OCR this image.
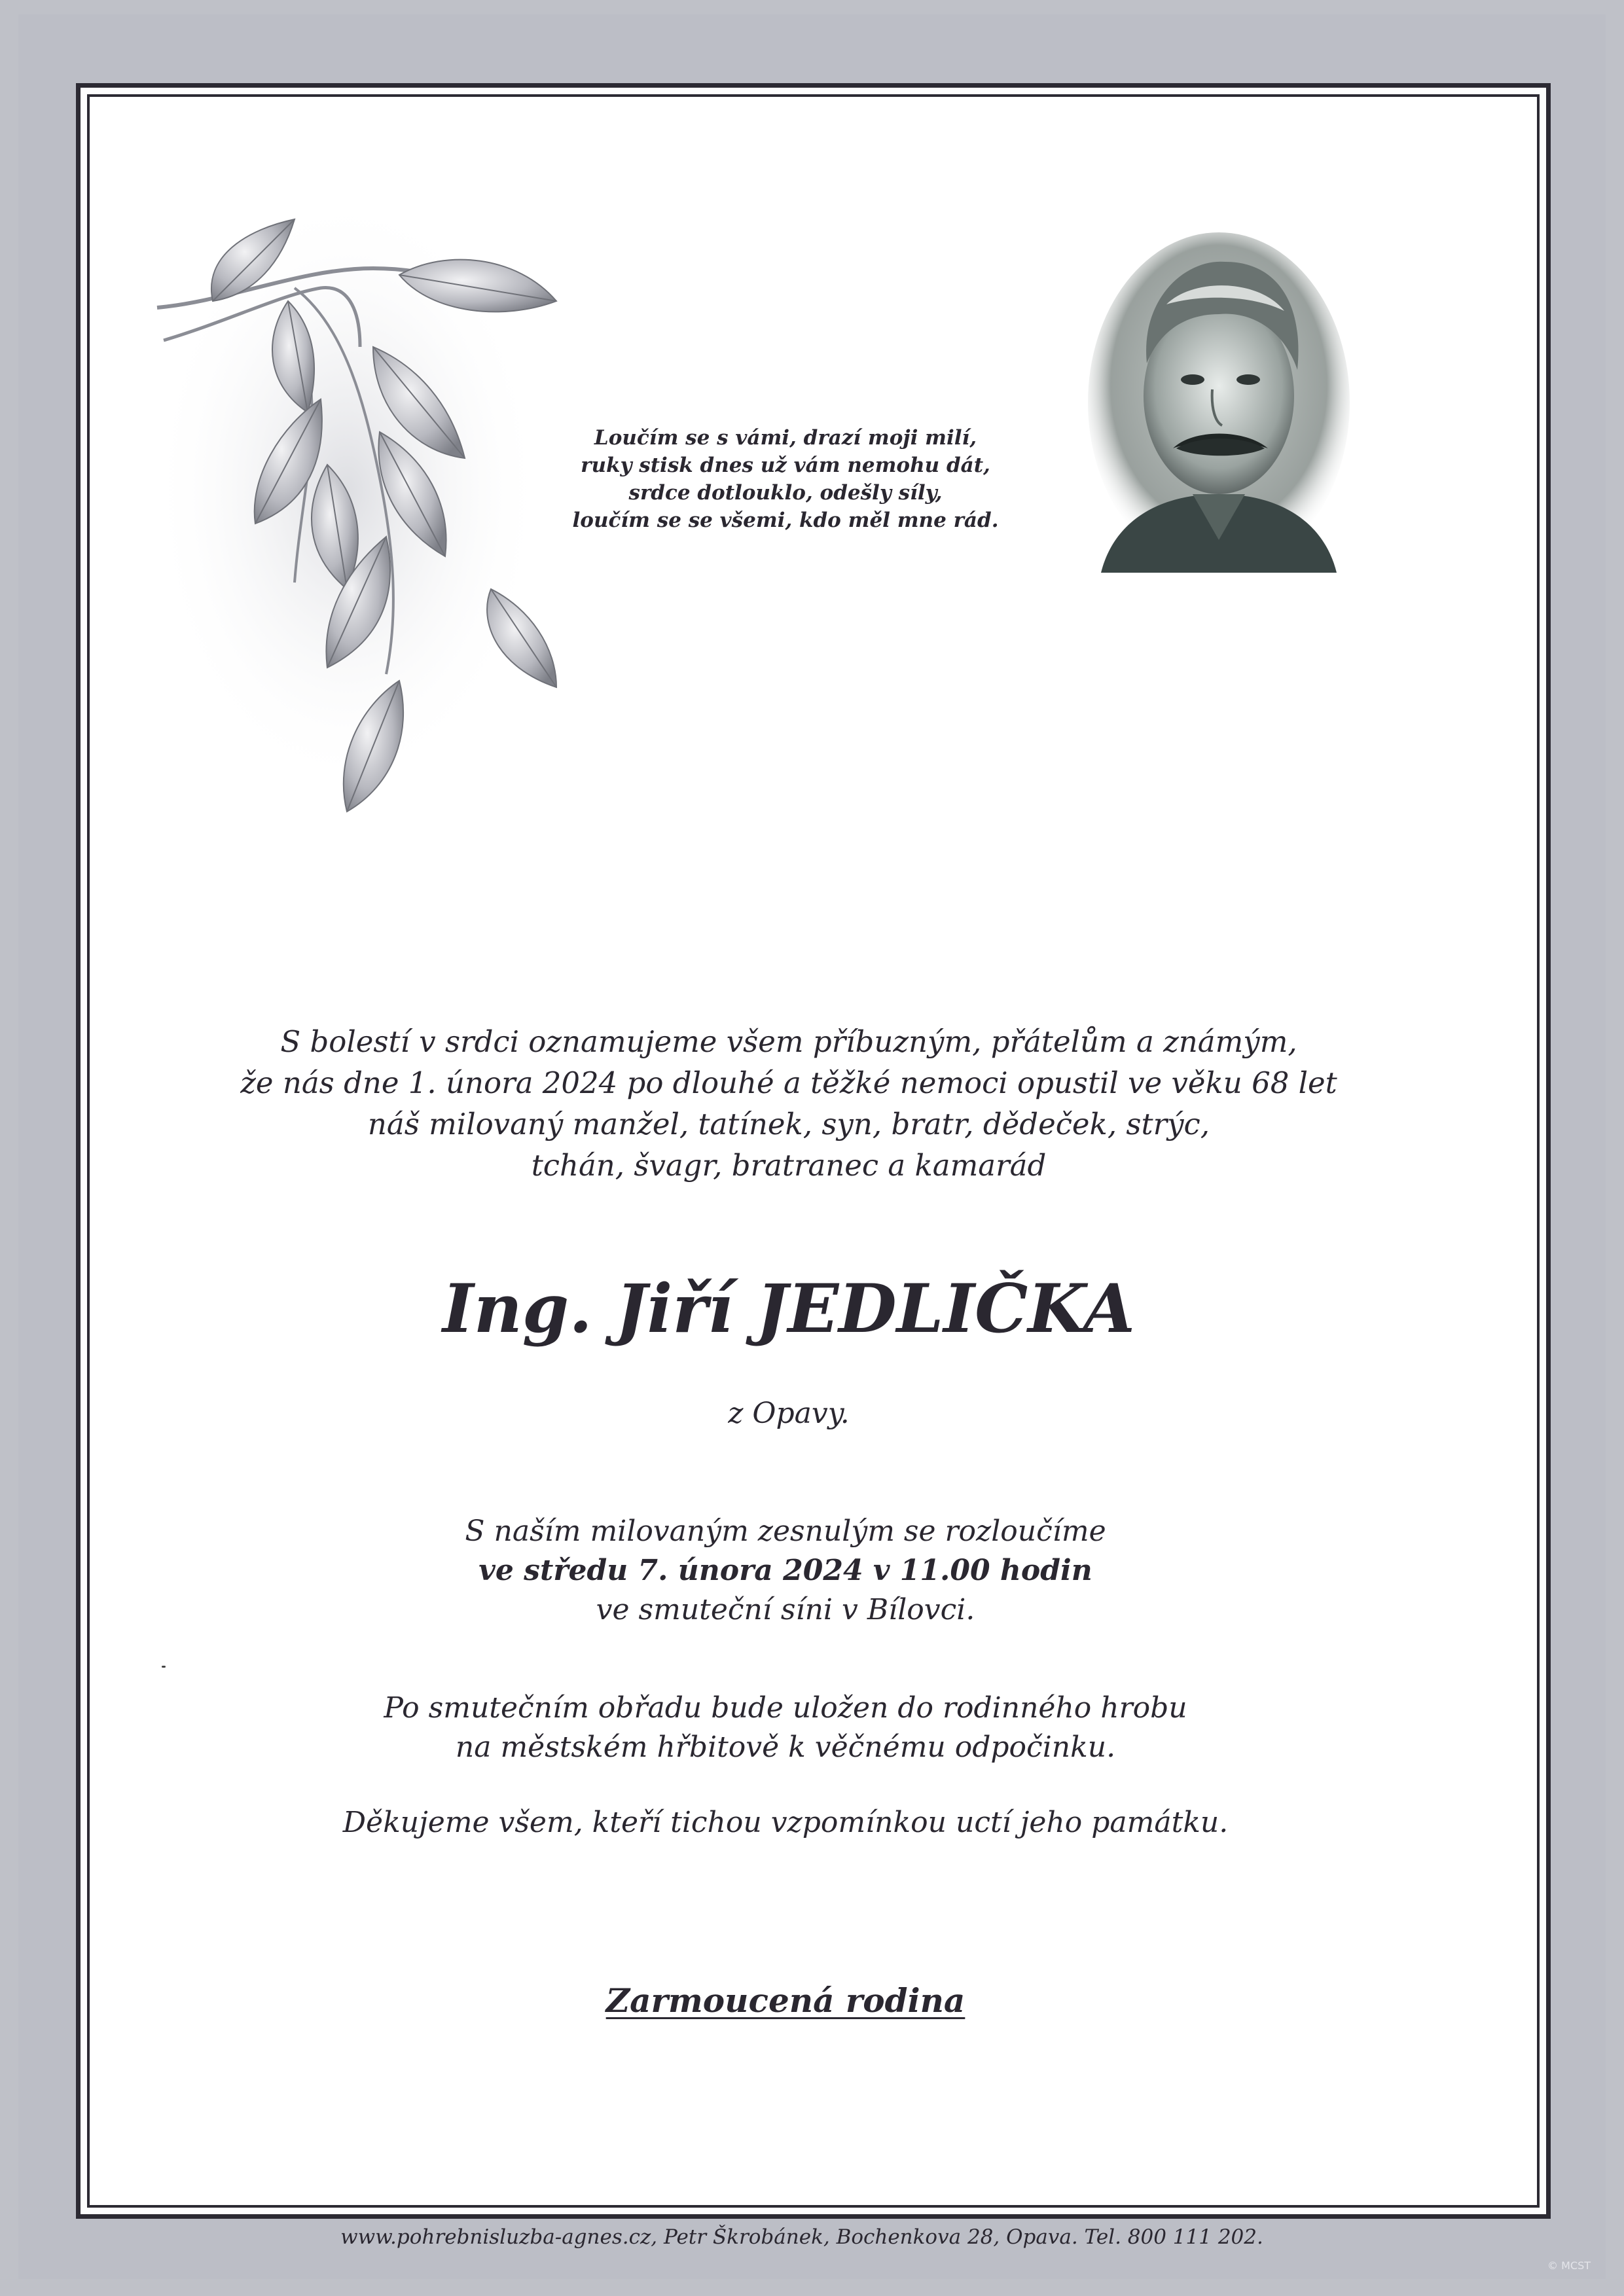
Loučím se s vámi, drazí moji milí,
ruky stisk dnes už vám nemohu dát,
srdce dotlouklo, odešly síly,
loučím se se všemi, kdo měl mne rád.
S bolestí v srdci oznamujeme všem příbuzným, přátelům a známým,
že nás dne 1. února 2024 po dlouhé a těžké nemoci opustil ve věku 68 let
náš milovaný manžel, tatínek, syn, bratr, dědeček, strýc,
tchán, švagr, bratranec a kamarád
Ing. Jiří JEDLIČKA
z Opavy.
S naším milovaným zesnulým se rozloučíme
ve středu 7. února 2024 v 11.00 hodin
ve smuteční síni v Bílovci.
Po smutečním obřadu bude uložen do rodinného hrobu
na městském hřbitově k věčnému odpočinku.
Děkujeme všem, kteří tichou vzpomínkou uctí jeho památku.
Zarmoucená rodina
www.pohrebnisluzba-agnes.cz, Petr Škrobánek, Bochenkova 28, Opava. Tel. 800 111 202.
© MCST
